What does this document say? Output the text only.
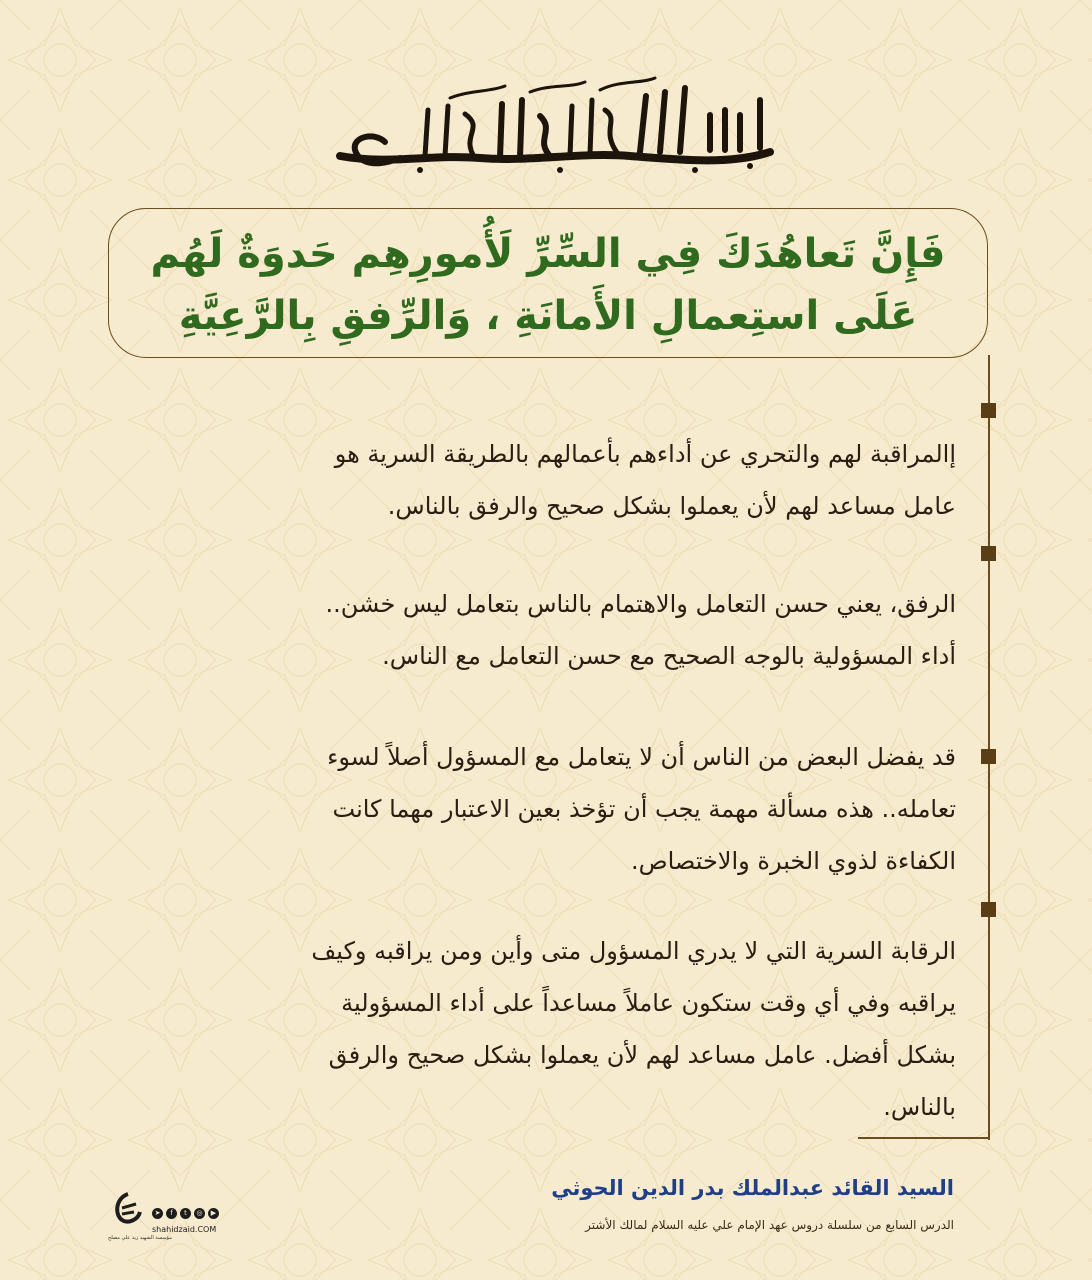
فَإِنَّ تَعاهُدَكَ فِي السِّرِّ لَأُمورِهِم حَدوَةٌ لَهُم

عَلَى استِعمالِ الأَمانَةِ ، وَالرِّفقِ بِالرَّعِيَّةِ

إالمراقبة لهم والتحري عن أداءهم بأعمالهم بالطريقة السرية هو
عامل مساعد لهم لأن يعملوا بشكل صحيح والرفق بالناس.
الرفق، يعني حسن التعامل والاهتمام بالناس بتعامل ليس خشن..
أداء المسؤولية بالوجه الصحيح مع حسن التعامل مع الناس.
قد يفضل البعض من الناس أن لا يتعامل مع المسؤول أصلاً لسوء
تعامله.. هذه مسألة مهمة يجب أن تؤخذ بعين الاعتبار مهما كانت
الكفاءة لذوي الخبرة والاختصاص.
الرقابة السرية التي لا يدري المسؤول متى وأين ومن يراقبه وكيف
يراقبه وفي أي وقت ستكون عاملاً مساعداً على أداء المسؤولية
بشكل أفضل. عامل مساعد لهم لأن يعملوا بشكل صحيح والرفق
بالناس.
السيد القائد عبدالملك بدر الدين الحوثي
الدرس السابع من سلسلة دروس عهد الإمام علي عليه السلام لمالك الأشتر
مؤسسة الشهيد زيد علي مصلح
➤	f	t	◎	▶
shahidzaid.COM
